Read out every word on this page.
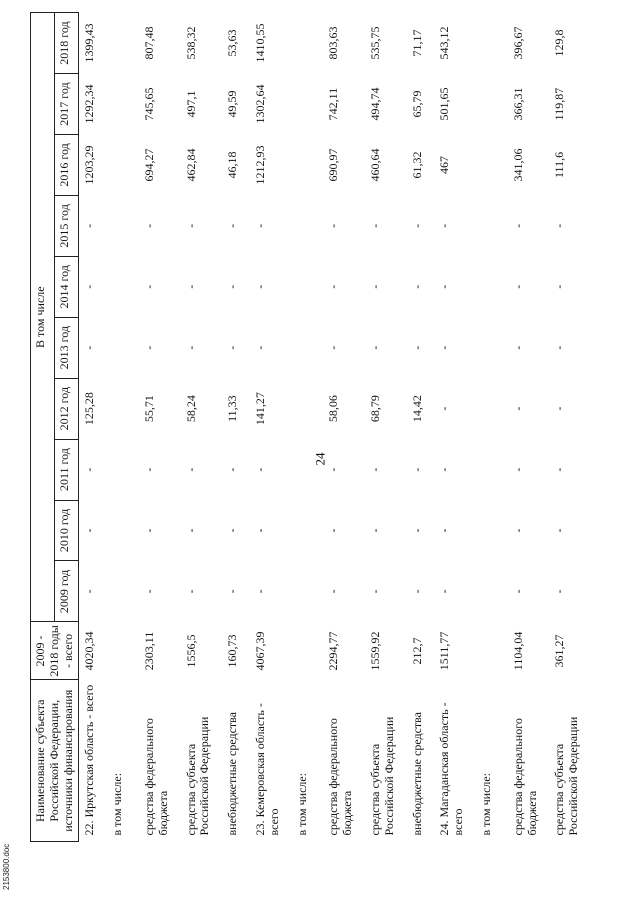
24
Наименование субъекта Российской Федерации, источники финансирования	2009 - 2018 годы - всего	В том числе									
		2009 год	2010 год	2011 год	2012 год	2013 год	2014 год	2015 год	2016 год	2017 год	2018 год
22. Иркутская область - всего	4020,34	-	-	-	125,28	-	-	-	1203,29	1292,34	1399,43
в том числе:											
средства федерального бюджета	2303,11	-	-	-	55,71	-	-	-	694,27	745,65	807,48
средства субъекта Российской Федерации	1556,5	-	-	-	58,24	-	-	-	462,84	497,1	538,32
внебюджетные средства	160,73	-	-	-	11,33	-	-	-	46,18	49,59	53,63
23. Кемеровская область - всего	4067,39	-	-	-	141,27	-	-	-	1212,93	1302,64	1410,55
в том числе:											
средства федерального бюджета	2294,77	-	-	-	58,06	-	-	-	690,97	742,11	803,63
средства субъекта Российской Федерации	1559,92	-	-	-	68,79	-	-	-	460,64	494,74	535,75
внебюджетные средства	212,7	-	-	-	14,42	-	-	-	61,32	65,79	71,17
24. Магаданская область - всего	1511,77	-	-	-	-	-	-	-	467	501,65	543,12
в том числе:											
средства федерального бюджета	1104,04	-	-	-	-	-	-	-	341,06	366,31	396,67
средства субъекта Российской Федерации	361,27	-	-	-	-	-	-	-	111,6	119,87	129,8
2153800.doc
